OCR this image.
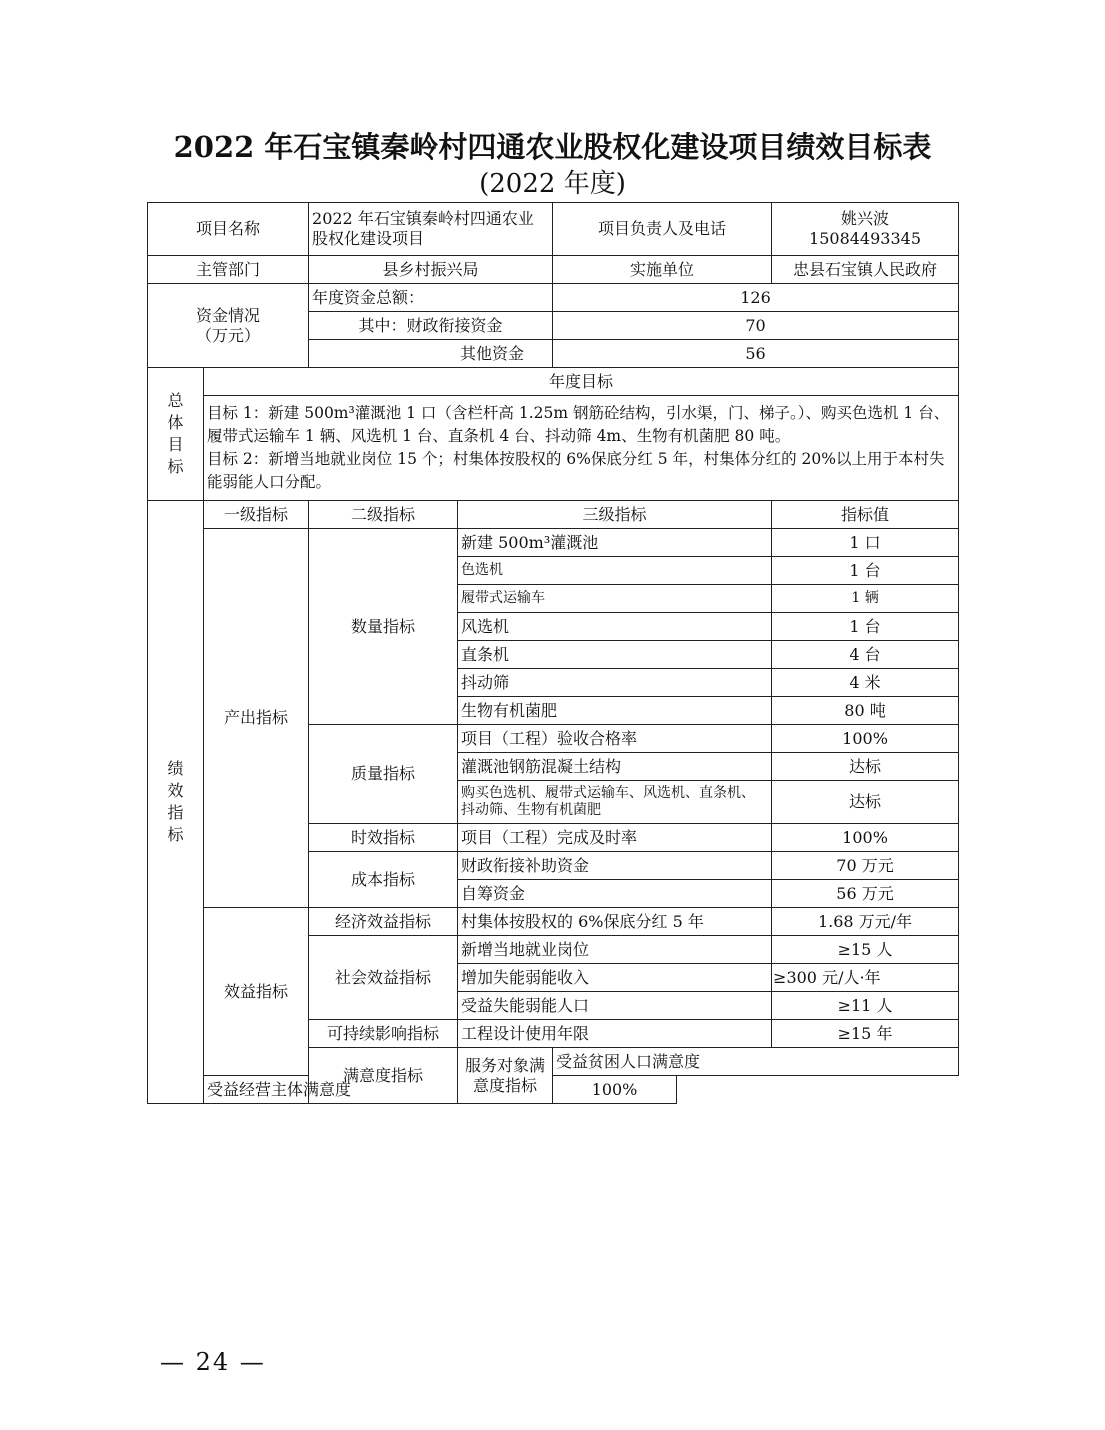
2022 年石宝镇秦岭村四通农业股权化建设项目绩效目标表
(2022 年度)
项目名称		2022 年石宝镇秦岭村四通农业股权化建设项目		项目负责人及电话	姚兴波
15084493345	

主管部门		县乡村振兴局		实施单位	忠县石宝镇人民政府	

资金情况
（万元）		年度资金总额：		126		
		其中：财政衔接资金		70		
		其他资金		56		

总
体
目
标	年度目标					

	目标 1：新建 500m³灌溉池 1 口（含栏杆高 1.25m 钢筋砼结构，引水渠，门、梯子。）、购买色选机 1 台、履带式运输车 1 辆、风选机 1 台、直条机 4 台、抖动筛 4m、生物有机菌肥 80 吨。
目标 2：新增当地就业岗位 15 个；村集体按股权的 6%保底分红 5 年，村集体分红的 20%以上用于本村失能弱能人口分配。					

绩
效
指
标	一级指标	二级指标	三级指标		指标值	
	产出指标	数量指标	新建 500m³灌溉池		1 口	
			色选机		1 台	
			履带式运输车		1 辆	
			风选机		1 台	
			直条机		4 台	
			抖动筛		4 米	
			生物有机菌肥		80 吨	
		质量指标	项目（工程）验收合格率		100%	
			灌溉池钢筋混凝土结构		达标	
			购买色选机、履带式运输车、风选机、直条机、抖动筛、生物有机菌肥		达标	
		时效指标	项目（工程）完成及时率		100%	
		成本指标	财政衔接补助资金		70 万元	
			自筹资金		56 万元	
	效益指标	经济效益指标	村集体按股权的 6%保底分红 5 年		1.68 万元/年	
		社会效益指标	新增当地就业岗位		≥15 人	
			增加失能弱能收入		≥300 元/人·年	
			受益失能弱能人口		≥11 人	
		可持续影响指标	工程设计使用年限		≥15 年	
		满意度指标	服务对象满意度指标	受益贫困人口满意度	
	受益经营主体满意度			100%		
— 24 —
